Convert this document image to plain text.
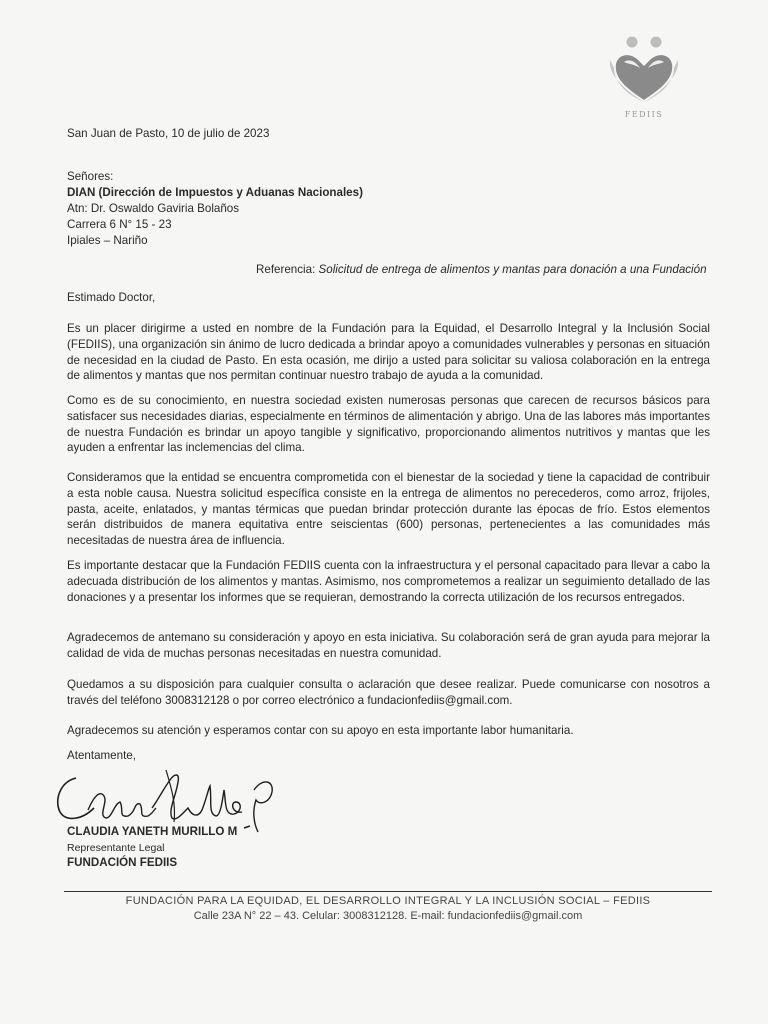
FEDIIS
San Juan de Pasto, 10 de julio de 2023
Señores:
DIAN (Dirección de Impuestos y Aduanas Nacionales)
Atn: Dr. Oswaldo Gaviria Bolaños
Carrera 6 N° 15 - 23
Ipiales – Nariño
Referencia: Solicitud de entrega de alimentos y mantas para donación a una Fundación
Estimado Doctor,

Es un placer dirigirme a usted en nombre de la Fundación para la Equidad, el Desarrollo Integral y la Inclusión Social (FEDIIS), una organización sin ánimo de lucro dedicada a brindar apoyo a comunidades vulnerables y personas en situación de necesidad en la ciudad de Pasto. En esta ocasión, me dirijo a usted para solicitar su valiosa colaboración en la entrega de alimentos y mantas que nos permitan continuar nuestro trabajo de ayuda a la comunidad.

Como es de su conocimiento, en nuestra sociedad existen numerosas personas que carecen de recursos básicos para satisfacer sus necesidades diarias, especialmente en términos de alimentación y abrigo. Una de las labores más importantes de nuestra Fundación es brindar un apoyo tangible y significativo, proporcionando alimentos nutritivos y mantas que les ayuden a enfrentar las inclemencias del clima.

Consideramos que la entidad se encuentra comprometida con el bienestar de la sociedad y tiene la capacidad de contribuir a esta noble causa. Nuestra solicitud específica consiste en la entrega de alimentos no perecederos, como arroz, frijoles, pasta, aceite, enlatados, y mantas térmicas que puedan brindar protección durante las épocas de frío. Estos elementos serán distribuidos de manera equitativa entre seiscientas (600) personas, pertenecientes a las comunidades más necesitadas de nuestra área de influencia.

Es importante destacar que la Fundación FEDIIS cuenta con la infraestructura y el personal capacitado para llevar a cabo la adecuada distribución de los alimentos y mantas. Asimismo, nos comprometemos a realizar un seguimiento detallado de las donaciones y a presentar los informes que se requieran, demostrando la correcta utilización de los recursos entregados.

Agradecemos de antemano su consideración y apoyo en esta iniciativa. Su colaboración será de gran ayuda para mejorar la calidad de vida de muchas personas necesitadas en nuestra comunidad.

Quedamos a su disposición para cualquier consulta o aclaración que desee realizar. Puede comunicarse con nosotros a través del teléfono 3008312128 o por correo electrónico a fundacionfediis@gmail.com.

Agradecemos su atención y esperamos contar con su apoyo en esta importante labor humanitaria.

Atentamente,
CLAUDIA YANETH MURILLO M
Representante Legal
FUNDACIÓN FEDIIS
FUNDACIÓN PARA LA EQUIDAD, EL DESARROLLO INTEGRAL Y LA INCLUSIÓN SOCIAL – FEDIIS
Calle 23A N° 22 – 43. Celular: 3008312128. E-mail: fundacionfediis@gmail.com
